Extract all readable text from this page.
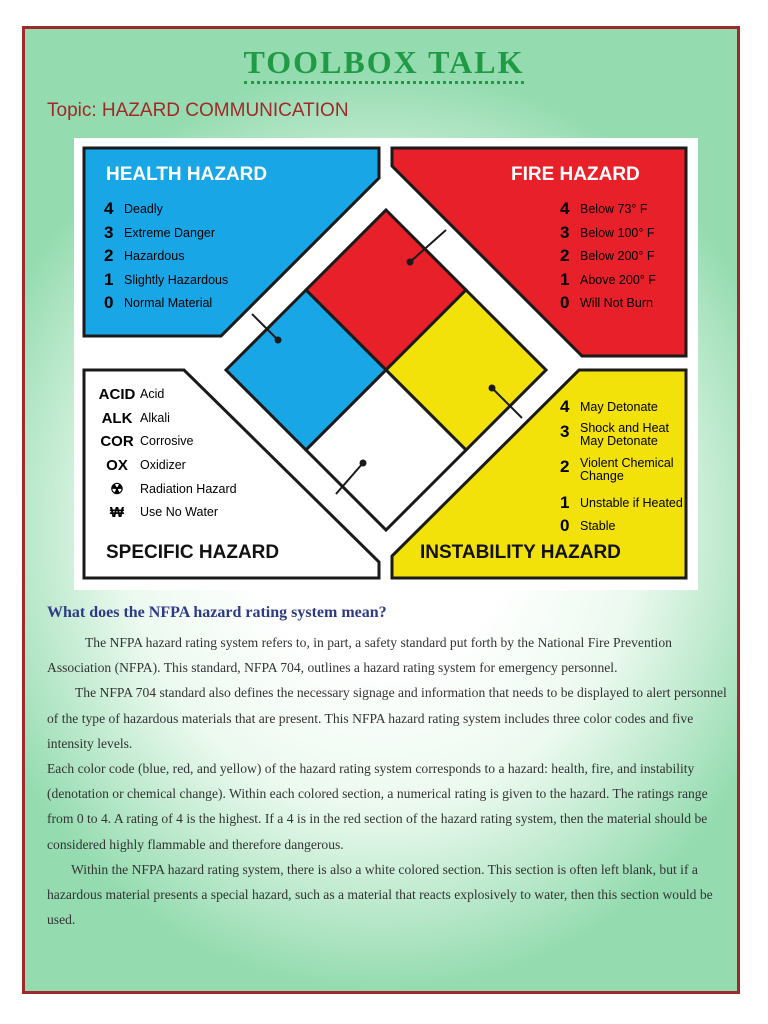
TOOLBOX TALK
Topic: HAZARD COMMUNICATION
HEALTH HAZARD
4 Deadly
3 Extreme Danger
2 Hazardous
1 Slightly Hazardous
0 Normal Material
FIRE HAZARD
4 Below 73° F
3 Below 100° F
2 Below 200° F
1 Above 200° F
0 Will Not Burn
ACID Acid
ALK Alkali
COR Corrosive
OX Oxidizer
☢	Radiation Hazard
₩	Use No Water
SPECIFIC HAZARD
4 May Detonate
3 Shock and Heat May Detonate
2 Violent Chemical Change
1 Unstable if Heated
0 Stable
INSTABILITY HAZARD
What does the NFPA hazard rating system mean?

The NFPA hazard rating system refers to, in part, a safety standard put forth by the National Fire Prevention Association (NFPA). This standard, NFPA 704, outlines a hazard rating system for emergency personnel.

The NFPA 704 standard also defines the necessary signage and information that needs to be displayed to alert personnel of the type of hazardous materials that are present. This NFPA hazard rating system includes three color codes and five intensity levels.

Each color code (blue, red, and yellow) of the hazard rating system corresponds to a hazard: health, fire, and instability (denotation or chemical change). Within each colored section, a numerical rating is given to the hazard. The ratings range from 0 to 4. A rating of 4 is the highest. If a 4 is in the red section of the hazard rating system, then the material should be considered highly flammable and therefore dangerous.

Within the NFPA hazard rating system, there is also a white colored section. This section is often left blank, but if a hazardous material presents a special hazard, such as a material that reacts explosively to water, then this section would be used.
